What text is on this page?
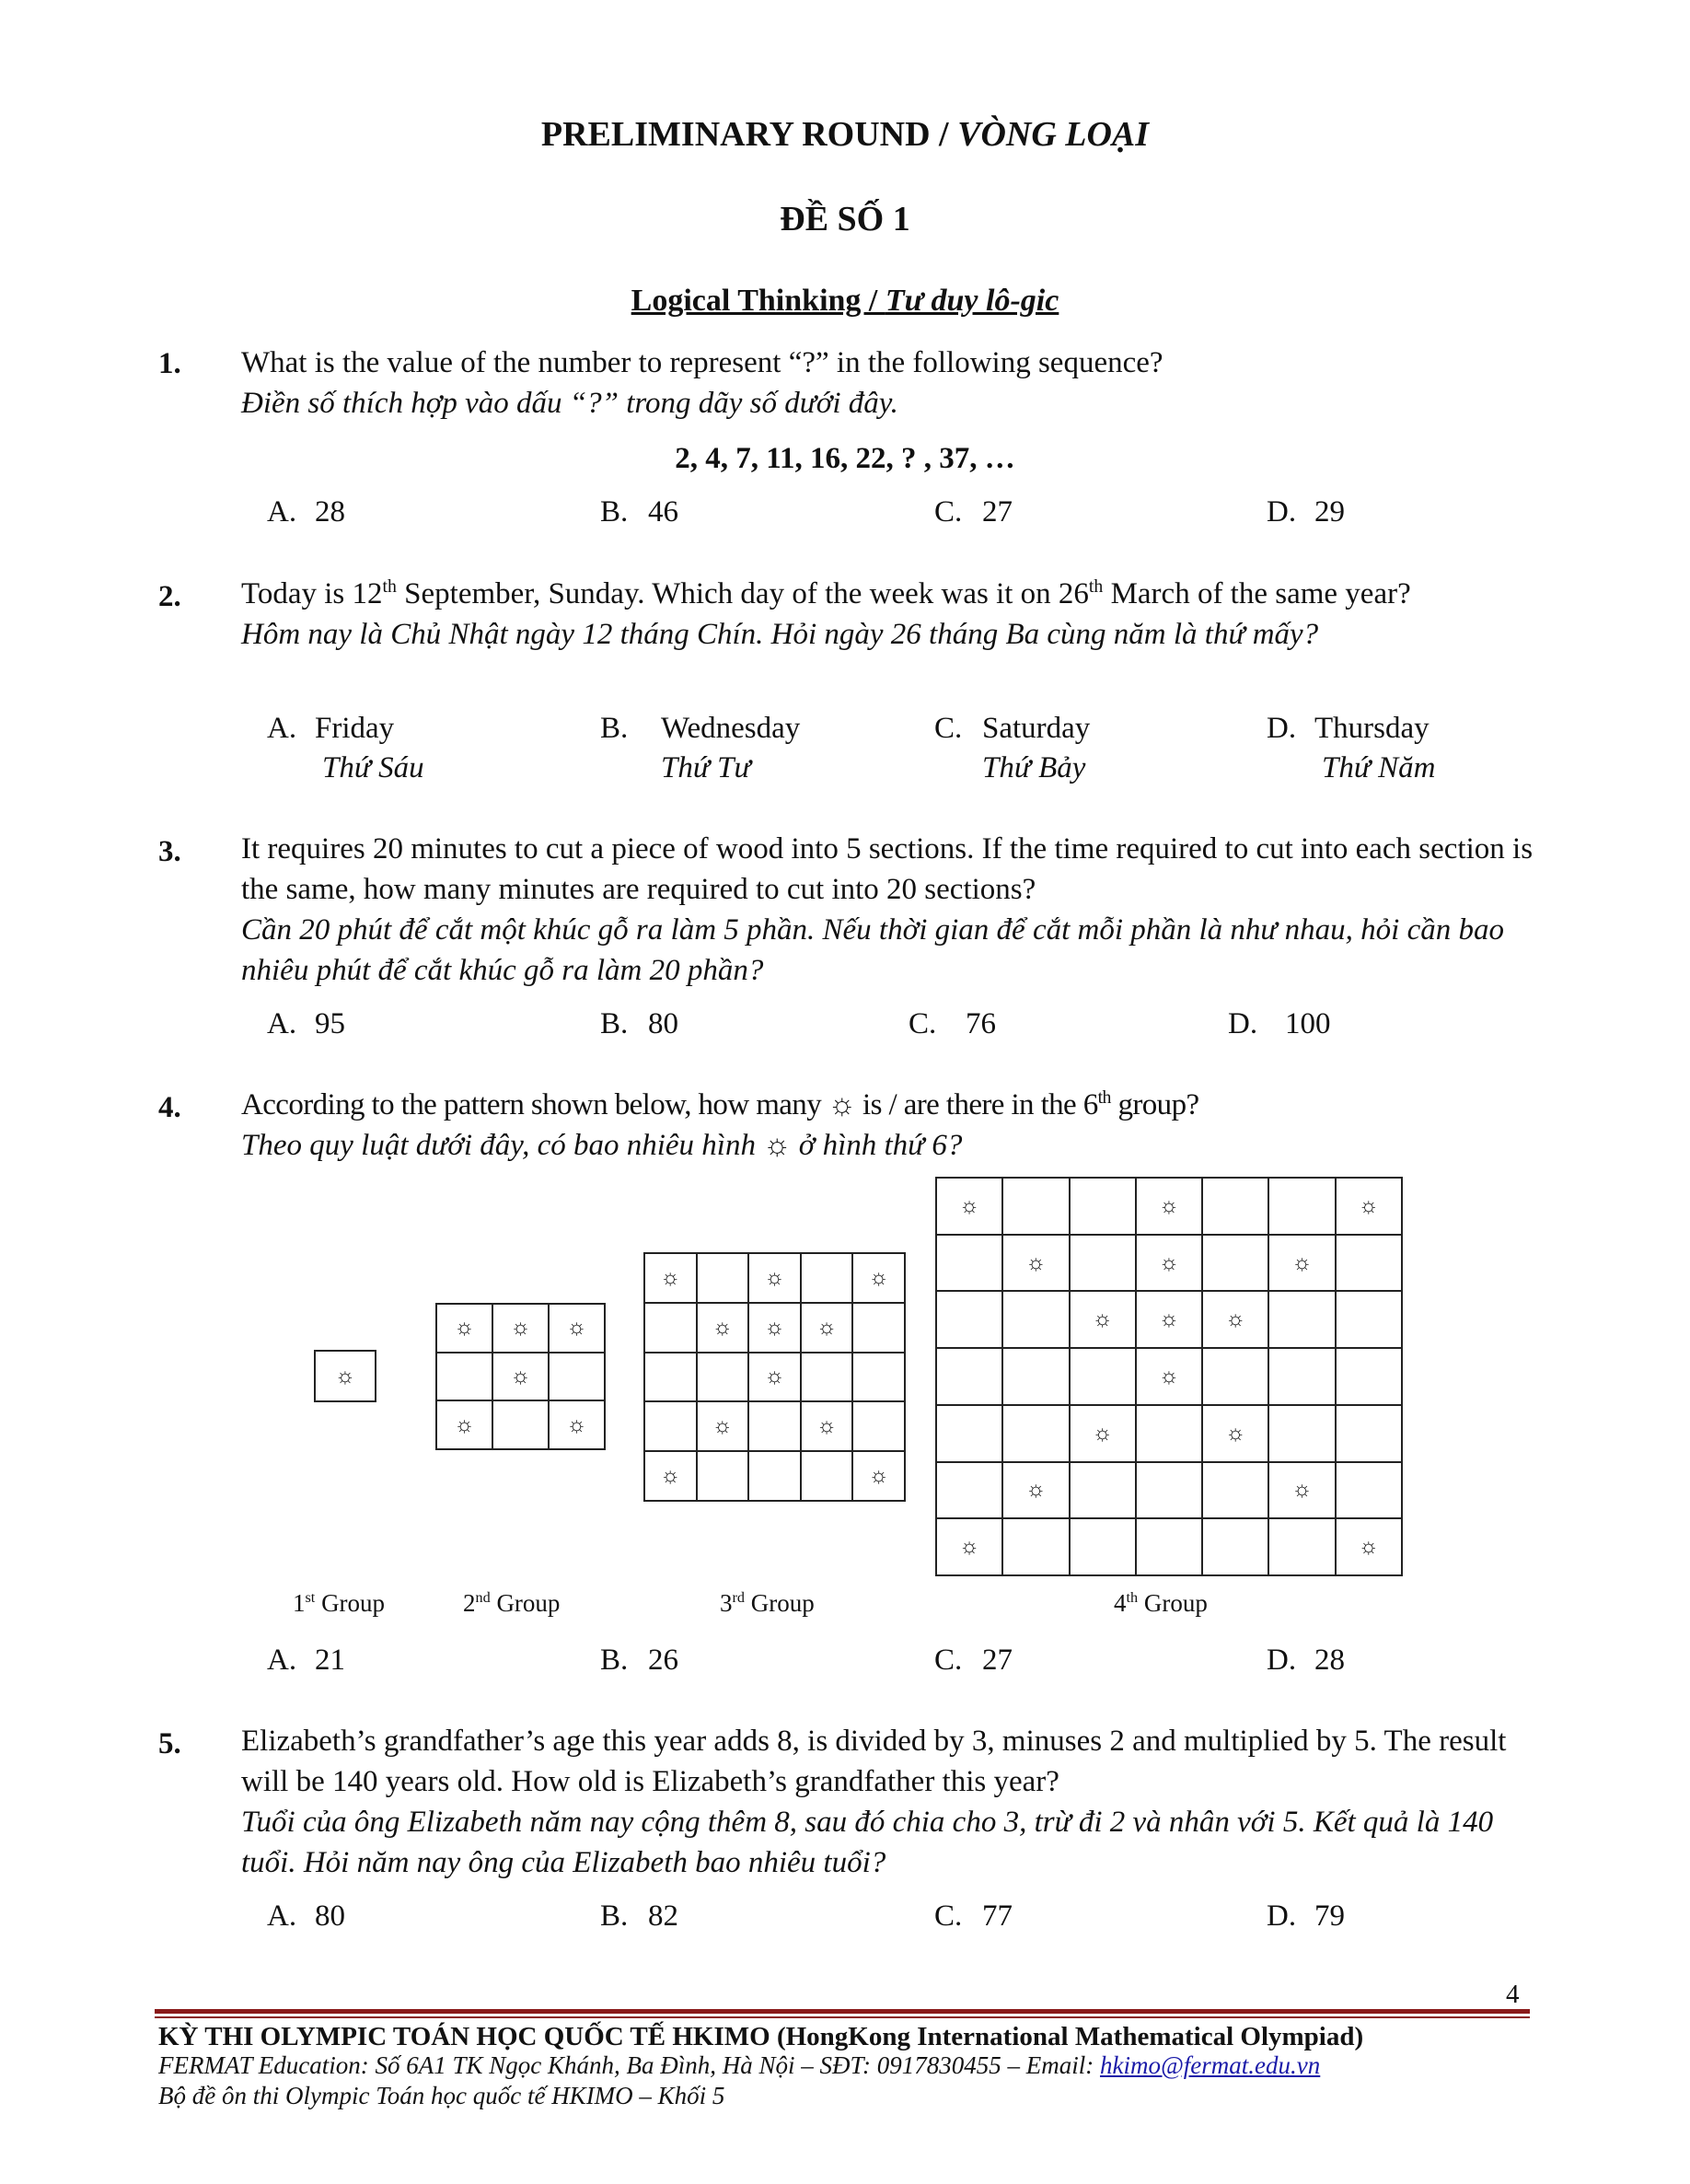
PRELIMINARY ROUND / VÒNG LOẠI
ĐỀ SỐ 1
Logical Thinking / Tư duy lô-gic
1. What is the value of the number to represent “?” in the following sequence?
Điền số thích hợp vào dấu “?” trong dãy số dưới đây.
2, 4, 7, 11, 16, 22, ? , 37, …
A. 28	B. 46	C. 27	D. 29
2. Today is 12th September, Sunday. Which day of the week was it on 26th March of the same year?
Hôm nay là Chủ Nhật ngày 12 tháng Chín. Hỏi ngày 26 tháng Ba cùng năm là thứ mấy?
A. Friday
Thứ Sáu
B. Wednesday
Thứ Tư
C. Saturday
Thứ Bảy
D. Thursday
Thứ Năm
3. It requires 20 minutes to cut a piece of wood into 5 sections. If the time required to cut into each section is the same, how many minutes are required to cut into 20 sections?
Cần 20 phút để cắt một khúc gỗ ra làm 5 phần. Nếu thời gian để cắt mỗi phần là như nhau, hỏi cần bao nhiêu phút để cắt khúc gỗ ra làm 20 phần?
A. 95	B. 80	C. 76	D. 100
4. According to the pattern shown below, how many ☼ is / are there in the 6th group?
Theo quy luật dưới đây, có bao nhiêu hình ☼ ở hình thứ 6?
☼
☼	☼	☼
	☼	
☼		☼
☼		☼		☼
	☼	☼	☼	
		☼		
	☼		☼	
☼				☼
☼			☼			☼
	☼		☼		☼	
		☼	☼	☼		
			☼			
		☼		☼		
	☼				☼	
☼						☼
1st Group	2nd Group	3rd Group	4th Group
A. 21	B. 26	C. 27	D. 28
5. Elizabeth’s grandfather’s age this year adds 8, is divided by 3, minuses 2 and multiplied by 5. The result will be 140 years old. How old is Elizabeth’s grandfather this year?
Tuổi của ông Elizabeth năm nay cộng thêm 8, sau đó chia cho 3, trừ đi 2 và nhân với 5. Kết quả là 140 tuổi. Hỏi năm nay ông của Elizabeth bao nhiêu tuổi?
A. 80	B. 82	C. 77	D. 79
4
KỲ THI OLYMPIC TOÁN HỌC QUỐC TẾ HKIMO (HongKong International Mathematical Olympiad)
FERMAT Education: Số 6A1 TK Ngọc Khánh, Ba Đình, Hà Nội – SĐT: 0917830455 – Email: hkimo@fermat.edu.vn
Bộ đề ôn thi Olympic Toán học quốc tế HKIMO – Khối 5
